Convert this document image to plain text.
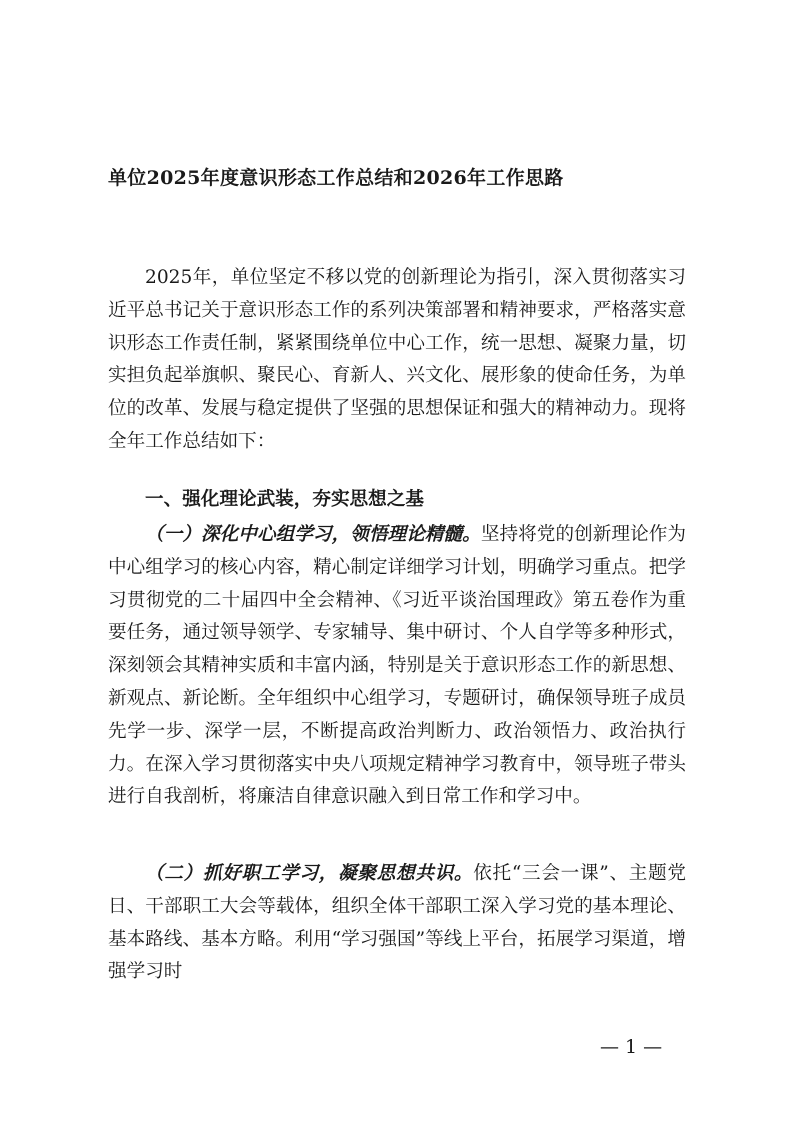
单位2025年度意识形态工作总结和2026年工作思路

2025年，单位坚定不移以党的创新理论为指引，深入贯彻落实习近平总书记关于意识形态工作的系列决策部署和精神要求，严格落实意识形态工作责任制，紧紧围绕单位中心工作，统一思想、凝聚力量，切实担负起举旗帜、聚民心、育新人、兴文化、展形象的使命任务，为单位的改革、发展与稳定提供了坚强的思想保证和强大的精神动力。现将全年工作总结如下：

一、强化理论武装，夯实思想之基

（一）深化中心组学习，领悟理论精髓。坚持将党的创新理论作为中心组学习的核心内容，精心制定详细学习计划，明确学习重点。把学习贯彻党的二十届四中全会精神、《习近平谈治国理政》第五卷作为重要任务，通过领导领学、专家辅导、集中研讨、个人自学等多种形式，深刻领会其精神实质和丰富内涵，特别是关于意识形态工作的新思想、新观点、新论断。全年组织中心组学习，专题研讨，确保领导班子成员先学一步、深学一层，不断提高政治判断力、政治领悟力、政治执行力。在深入学习贯彻落实中央八项规定精神学习教育中，领导班子带头进行自我剖析，将廉洁自律意识融入到日常工作和学习中。

（二）抓好职工学习，凝聚思想共识。依托“三会一课”、主题党日、干部职工大会等载体，组织全体干部职工深入学习党的基本理论、基本路线、基本方略。利用“学习强国”等线上平台，拓展学习渠道，增强学习时

— 1 —
